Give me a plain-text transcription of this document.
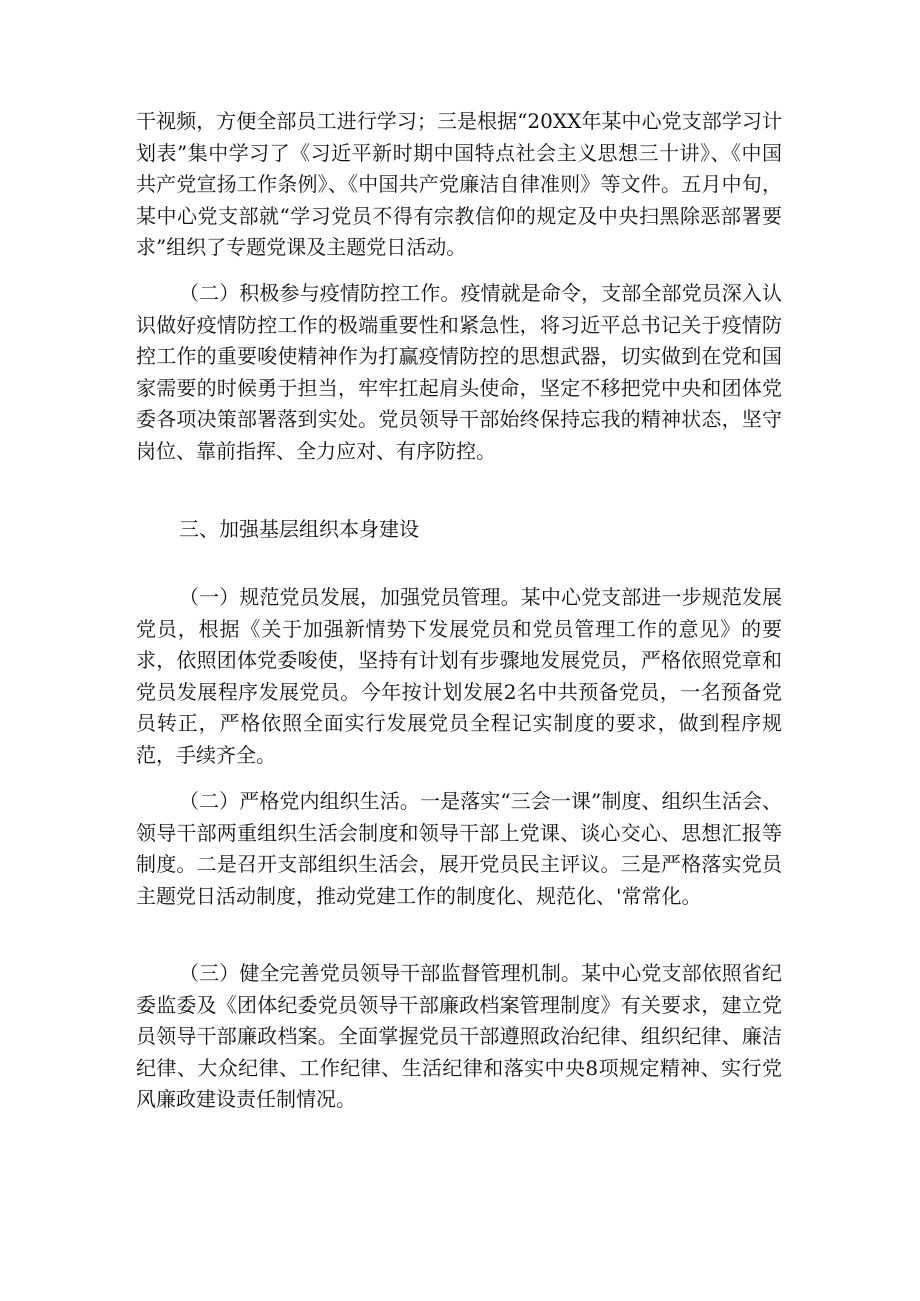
干视频，方便全部员工进行学习；三是根据“20XX年某中心党支部学习计划表”集中学习了《习近平新时期中国特点社会主义思想三十讲》、《中国共产党宣扬工作条例》、《中国共产党廉洁自律准则》等文件。五月中旬，某中心党支部就“学习党员不得有宗教信仰的规定及中央扫黑除恶部署要求”组织了专题党课及主题党日活动。

（二）积极参与疫情防控工作。疫情就是命令，支部全部党员深入认识做好疫情防控工作的极端重要性和紧急性，将习近平总书记关于疫情防控工作的重要唆使精神作为打赢疫情防控的思想武器，切实做到在党和国家需要的时候勇于担当，牢牢扛起肩头使命，坚定不移把党中央和团体党委各项决策部署落到实处。党员领导干部始终保持忘我的精神状态，坚守岗位、靠前指挥、全力应对、有序防控。

三、加强基层组织本身建设

（一）规范党员发展，加强党员管理。某中心党支部进一步规范发展党员，根据《关于加强新情势下发展党员和党员管理工作的意见》的要求，依照团体党委唆使，坚持有计划有步骤地发展党员，严格依照党章和党员发展程序发展党员。今年按计划发展2名中共预备党员，一名预备党员转正，严格依照全面实行发展党员全程记实制度的要求，做到程序规范，手续齐全。

（二）严格党内组织生活。一是落实“三会一课”制度、组织生活会、领导干部两重组织生活会制度和领导干部上党课、谈心交心、思想汇报等制度。二是召开支部组织生活会，展开党员民主评议。三是严格落实党员主题党日活动制度，推动党建工作的制度化、规范化、'常常化。

（三）健全完善党员领导干部监督管理机制。某中心党支部依照省纪委监委及《团体纪委党员领导干部廉政档案管理制度》有关要求，建立党员领导干部廉政档案。全面掌握党员干部遵照政治纪律、组织纪律、廉洁纪律、大众纪律、工作纪律、生活纪律和落实中央8项规定精神、实行党风廉政建设责任制情况。
